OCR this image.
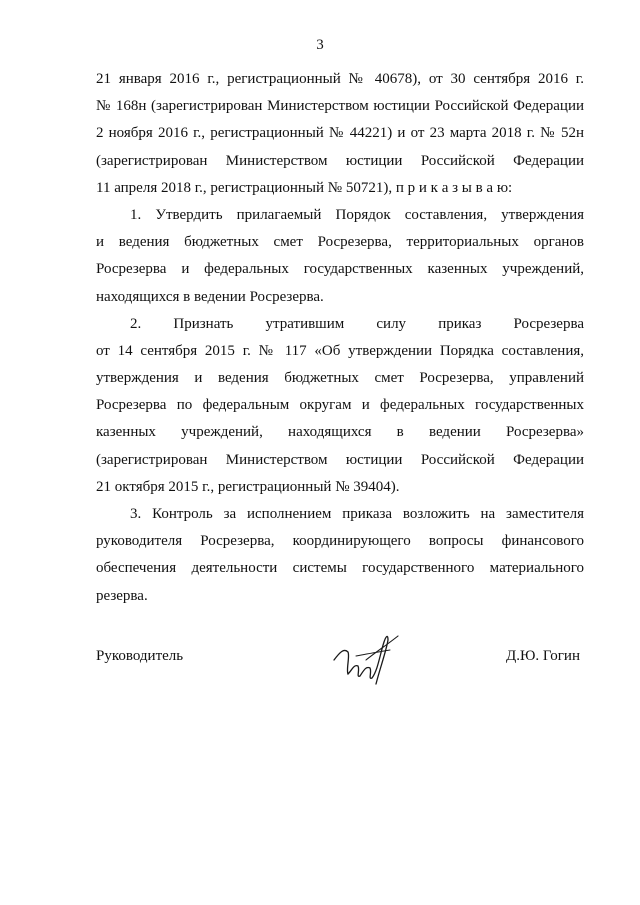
3
21 января 2016 г., регистрационный № 40678), от 30 сентября 2016 г.
№ 168н (зарегистрирован Министерством юстиции Российской Федерации
2 ноября 2016 г., регистрационный № 44221) и от 23 марта 2018 г. № 52н
(зарегистрирован Министерством юстиции Российской Федерации
11 апреля 2018 г., регистрационный № 50721), п р и к а з ы в а ю:
1. Утвердить прилагаемый Порядок составления, утверждения
и ведения бюджетных смет Росрезерва, территориальных органов
Росрезерва и федеральных государственных казенных учреждений,
находящихся в ведении Росрезерва.
2. Признать утратившим силу приказ Росрезерва
от 14 сентября 2015 г. № 117 «Об утверждении Порядка составления,
утверждения и ведения бюджетных смет Росрезерва, управлений
Росрезерва по федеральным округам и федеральных государственных
казенных учреждений, находящихся в ведении Росрезерва»
(зарегистрирован Министерством юстиции Российской Федерации
21 октября 2015 г., регистрационный № 39404).
3. Контроль за исполнением приказа возложить на заместителя
руководителя Росрезерва, координирующего вопросы финансового
обеспечения деятельности системы государственного материального
резерва.
Руководитель	Д.Ю. Гогин
